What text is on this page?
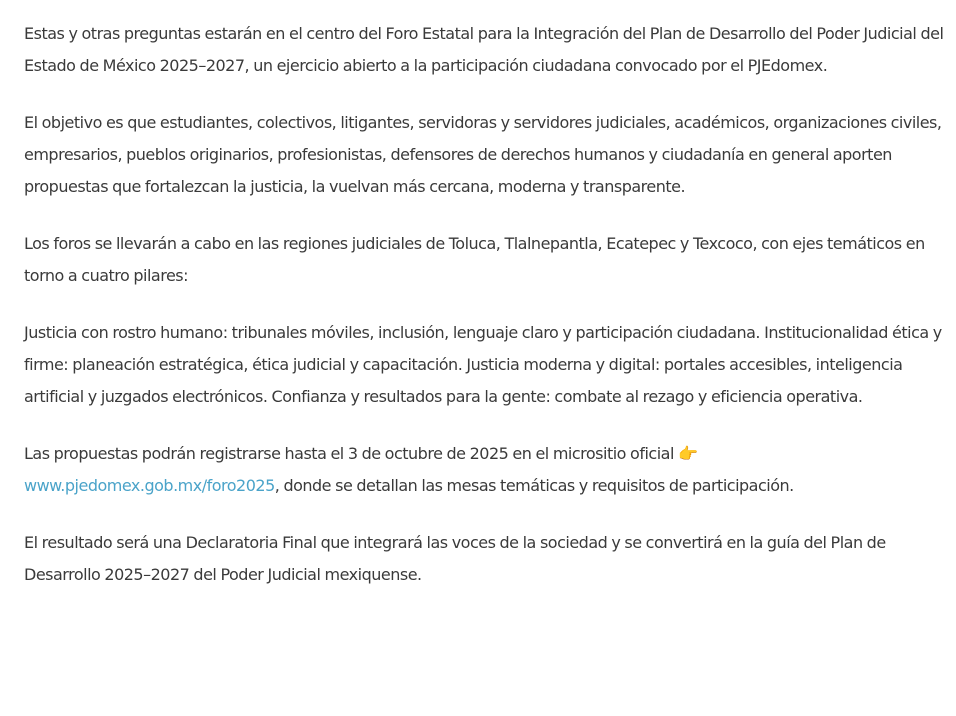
Estas y otras preguntas estarán en el centro del Foro Estatal para la Integración del Plan de Desarrollo del Poder Judicial del Estado de México 2025–2027, un ejercicio abierto a la participación ciudadana convocado por el PJEdomex.

El objetivo es que estudiantes, colectivos, litigantes, servidoras y servidores judiciales, académicos, organizaciones civiles, empresarios, pueblos originarios, profesionistas, defensores de derechos humanos y ciudadanía en general aporten propuestas que fortalezcan la justicia, la vuelvan más cercana, moderna y transparente.

Los foros se llevarán a cabo en las regiones judiciales de Toluca, Tlalnepantla, Ecatepec y Texcoco, con ejes temáticos en torno a cuatro pilares:

Justicia con rostro humano: tribunales móviles, inclusión, lenguaje claro y participación ciudadana. Institucionalidad ética y firme: planeación estratégica, ética judicial y capacitación. Justicia moderna y digital: portales accesibles, inteligencia artificial y juzgados electrónicos. Confianza y resultados para la gente: combate al rezago y eficiencia operativa.

Las propuestas podrán registrarse hasta el 3 de octubre de 2025 en el micrositio oficial 👉
www.pjedomex.gob.mx/foro2025, donde se detallan las mesas temáticas y requisitos de participación.

El resultado será una Declaratoria Final que integrará las voces de la sociedad y se convertirá en la guía del Plan de Desarrollo 2025–2027 del Poder Judicial mexiquense.
